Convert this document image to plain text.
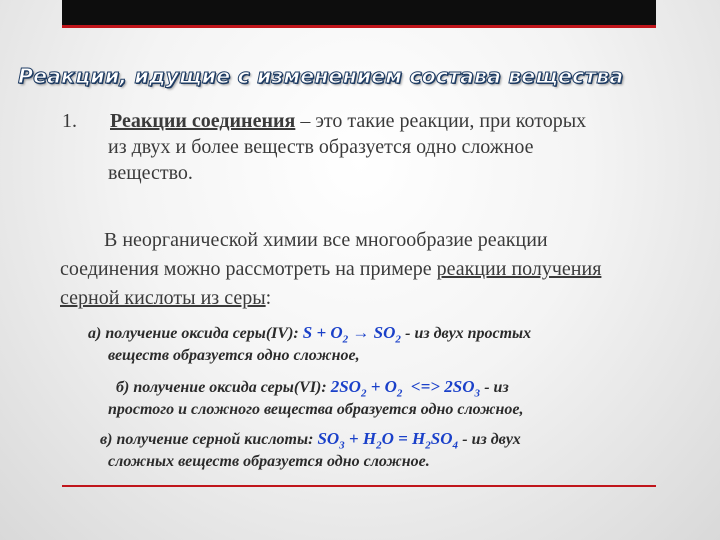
Реакции, идущие с изменением состава вещества
1. Реакции соединения – это такие реакции, при которых
из двух и более веществ образуется одно сложное
вещество.
В неорганической химии все многообразие реакции
соединения можно рассмотреть на примере реакции получения
серной кислоты из серы:
а) получение оксида серы(IV): $S + O_2 \to SO_2$ - из двух простых
веществ образуется одно сложное,
б) получение оксида серы(VI): $2SO_2 + O_2$  <=> $2SO_3$ - из
простого и сложного вещества образуется одно сложное,
в) получение серной кислоты: $SO_3 + H_2O = H_2SO_4$ - из двух
сложных веществ образуется одно сложное.
